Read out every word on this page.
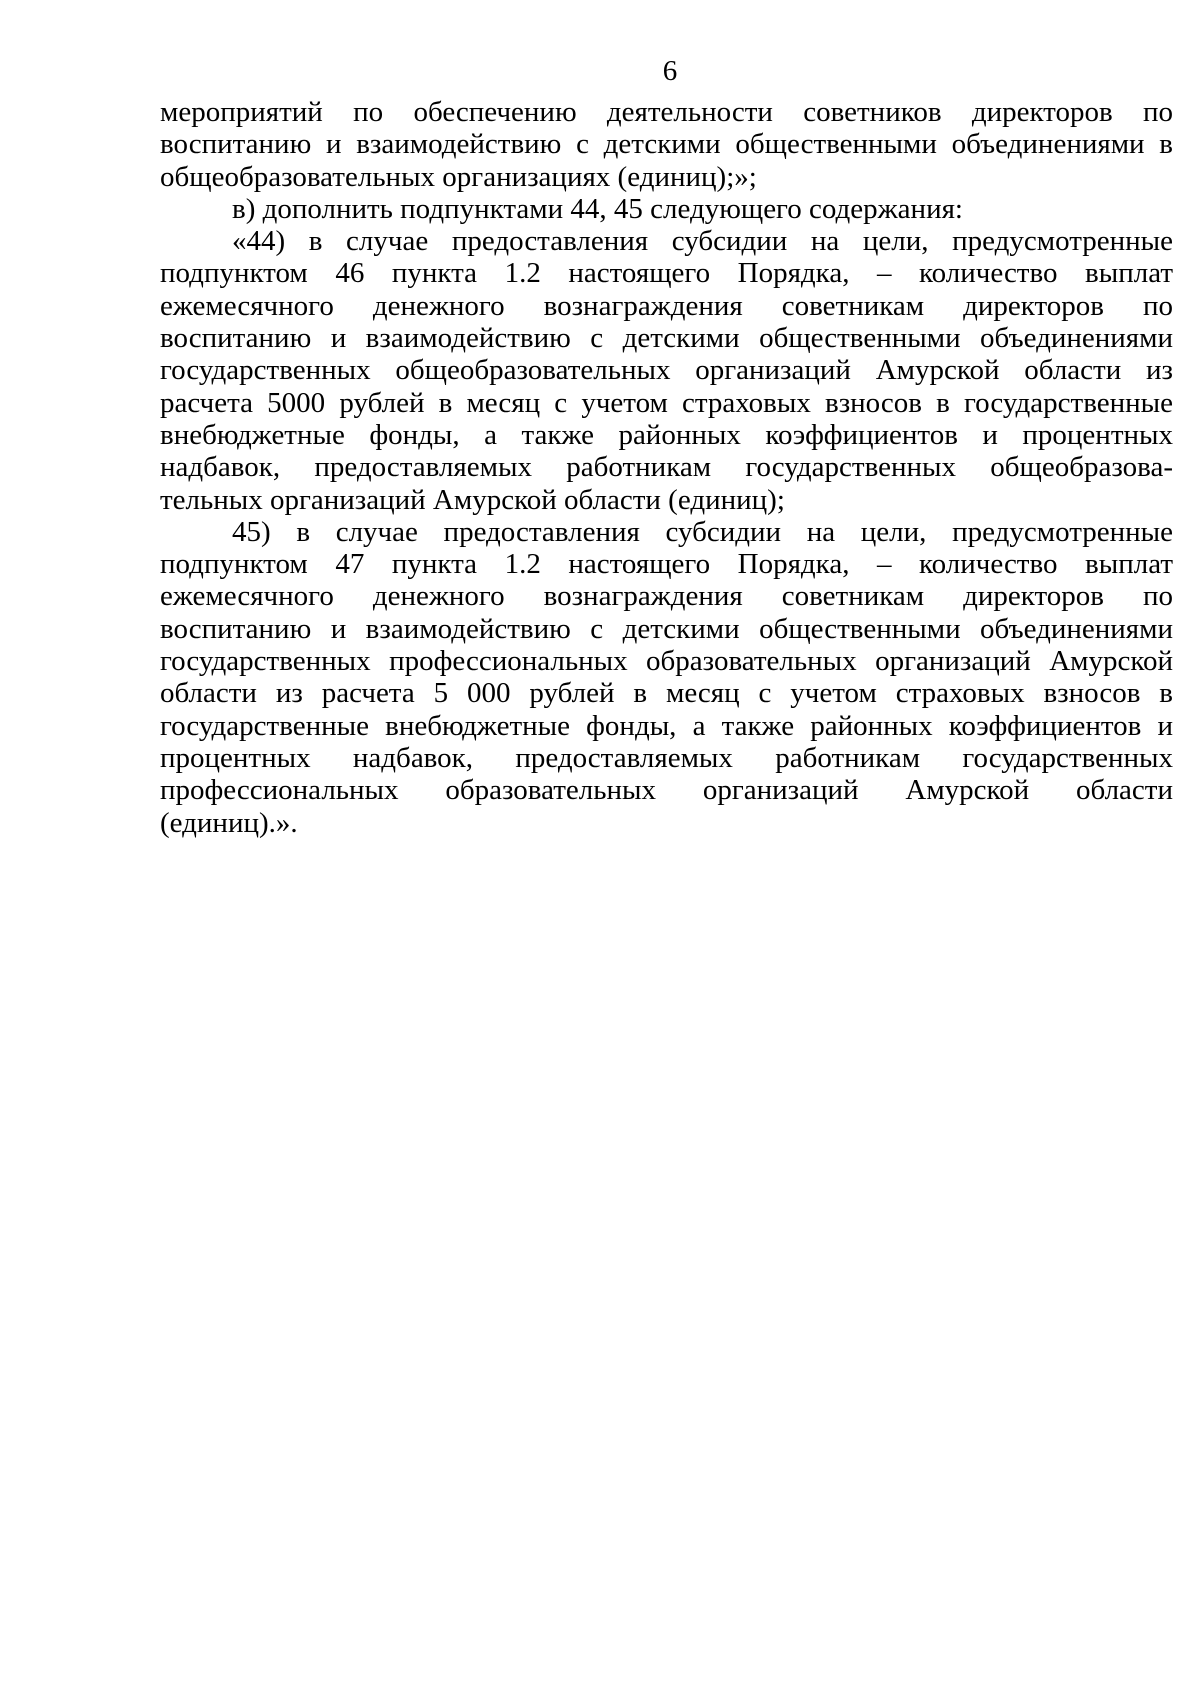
6
мероприятий по обеспечению деятельности советников директоров по
воспитанию и взаимодействию с детскими общественными объединениями в
общеобразовательных организациях (единиц);»;
в) дополнить подпунктами 44, 45 следующего содержания:
«44) в случае предоставления субсидии на цели, предусмотренные
подпунктом 46 пункта 1.2 настоящего Порядка, – количество выплат
ежемесячного денежного вознаграждения советникам директоров по
воспитанию и взаимодействию с детскими общественными объединениями
государственных общеобразовательных организаций Амурской области из
расчета 5000 рублей в месяц с учетом страховых взносов в государственные
внебюджетные фонды, а также районных коэффициентов и процентных
надбавок, предоставляемых работникам государственных общеобразова-
тельных организаций Амурской области (единиц);
45) в случае предоставления субсидии на цели, предусмотренные
подпунктом 47 пункта 1.2 настоящего Порядка, – количество выплат
ежемесячного денежного вознаграждения советникам директоров по
воспитанию и взаимодействию с детскими общественными объединениями
государственных профессиональных образовательных организаций Амурской
области из расчета 5 000 рублей в месяц с учетом страховых взносов в
государственные внебюджетные фонды, а также районных коэффициентов и
процентных надбавок, предоставляемых работникам государственных
профессиональных образовательных организаций Амурской области
(единиц).».
